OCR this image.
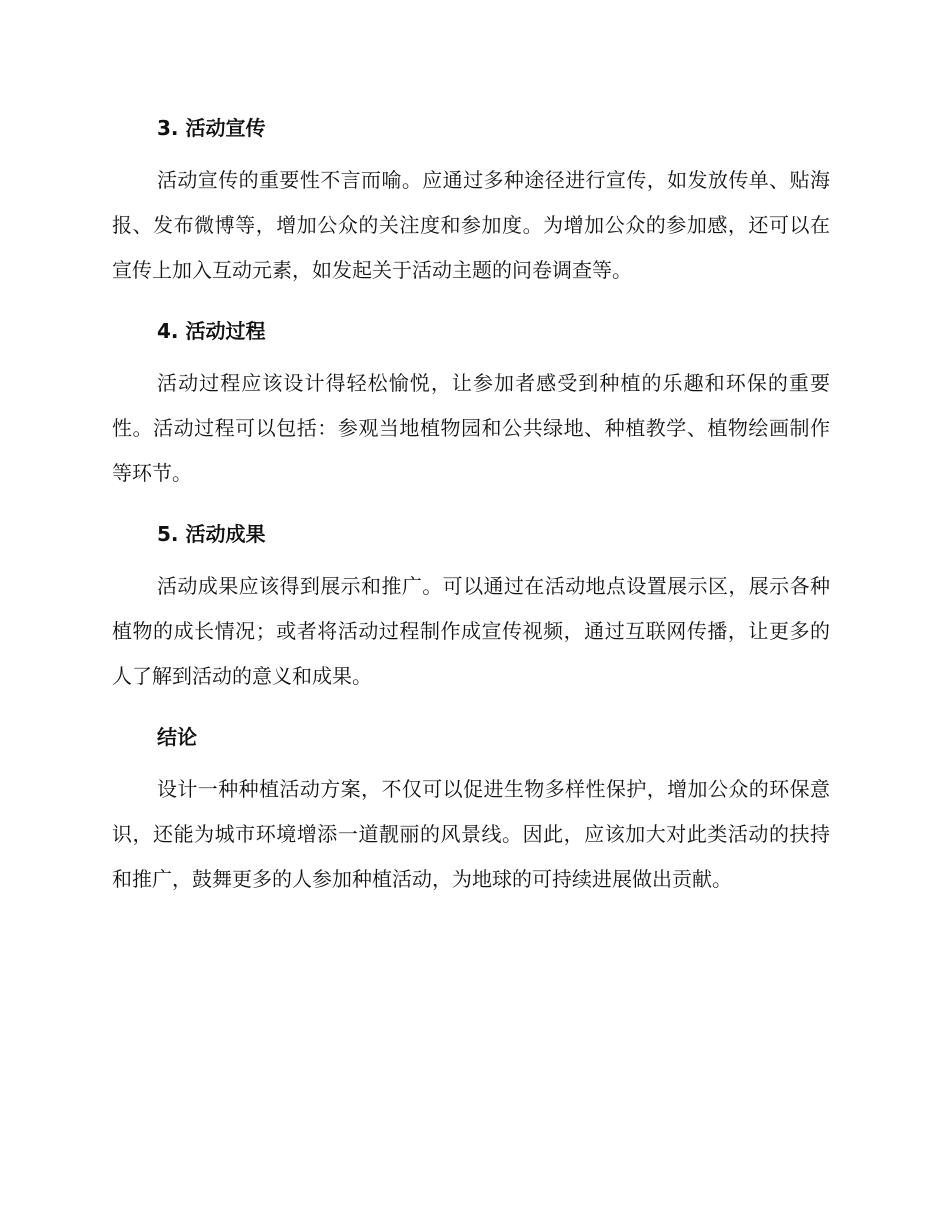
3. 活动宣传

活动宣传的重要性不言而喻。应通过多种途径进行宣传，如发放传单、贴海报、发布微博等，增加公众的关注度和参加度。为增加公众的参加感，还可以在宣传上加入互动元素，如发起关于活动主题的问卷调查等。

4. 活动过程

活动过程应该设计得轻松愉悦，让参加者感受到种植的乐趣和环保的重要性。活动过程可以包括：参观当地植物园和公共绿地、种植教学、植物绘画制作等环节。

5. 活动成果

活动成果应该得到展示和推广。可以通过在活动地点设置展示区，展示各种植物的成长情况；或者将活动过程制作成宣传视频，通过互联网传播，让更多的人了解到活动的意义和成果。

结论

设计一种种植活动方案，不仅可以促进生物多样性保护，增加公众的环保意识，还能为城市环境增添一道靓丽的风景线。因此，应该加大对此类活动的扶持和推广，鼓舞更多的人参加种植活动，为地球的可持续进展做出贡献。
